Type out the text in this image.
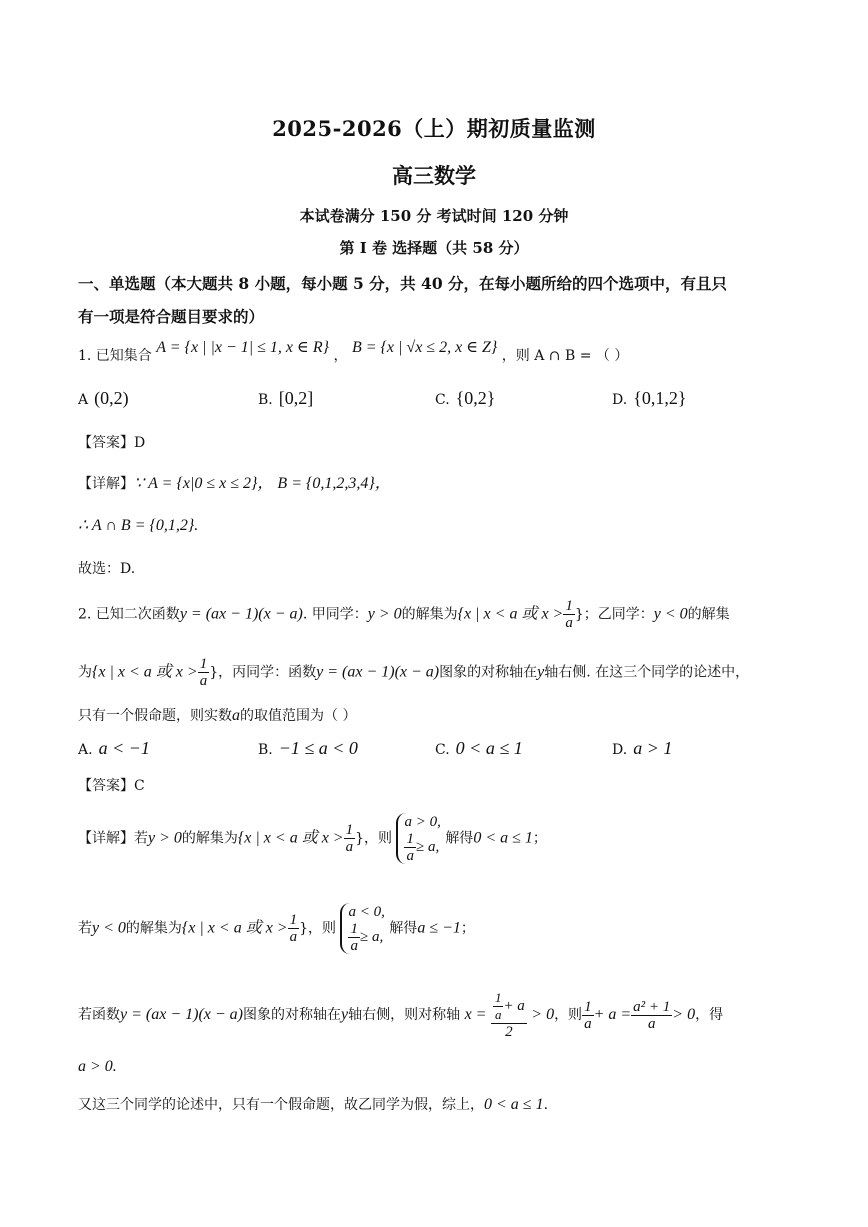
2025-2026（上）期初质量监测
高三数学
本试卷满分 150 分 考试时间 120 分钟
第 I 卷 选择题（共 58 分）
一、单选题（本大题共 8 小题，每小题 5 分，共 40 分，在每小题所给的四个选项中，有且只
有一项是符合题目要求的）
1. 已知集合 A = {x | |x − 1| ≤ 1, x ∈ R} ， B = {x | √x ≤ 2, x ∈ Z} ，则 A ∩ B = （ ）
A (0,2)	B. [0,2]	C. {0,2}	D. {0,1,2}
【答案】D
【详解】∵ A = {x|0 ≤ x ≤ 2}， B = {0,1,2,3,4}，
∴ A ∩ B = {0,1,2}.
故选：D.
2. 已知二次函数y = (ax − 1)(x − a). 甲同学：y > 0的解集为{x | x < a 或 $x > \frac{1}{a}$ }；乙同学：y < 0的解集
为{x | x < a 或 $x > \frac{1}{a}$ }，丙同学：函数y = (ax − 1)(x − a)图象的对称轴在y轴右侧. 在这三个同学的论述中，
只有一个假命题，则实数a的取值范围为（ ）
A. a < −1	B. −1 ≤ a < 0	C. 0 < a ≤ 1	D. a > 1
【答案】C
【详解】若y > 0的解集为{x | x < a 或 $x > \frac{1}{a}$ }，则
a > 0,
$\frac{1}{a} \ge a$,
解得0 < a ≤ 1；
若y < 0的解集为{x | x < a 或 $x > \frac{1}{a}$ }，则
a < 0,
$\frac{1}{a} \ge a$,
解得a ≤ −1；
若函数y = (ax − 1)(x − a)图象的对称轴在y轴右侧，则对称轴 $x = \frac{\frac{1}{a} + a}{2} > 0$，则 $\frac{1}{a} + a = \frac{\text{a² + 1}}{a} > 0$，得
a > 0.
又这三个同学的论述中，只有一个假命题，故乙同学为假，综上，0 < a ≤ 1.
